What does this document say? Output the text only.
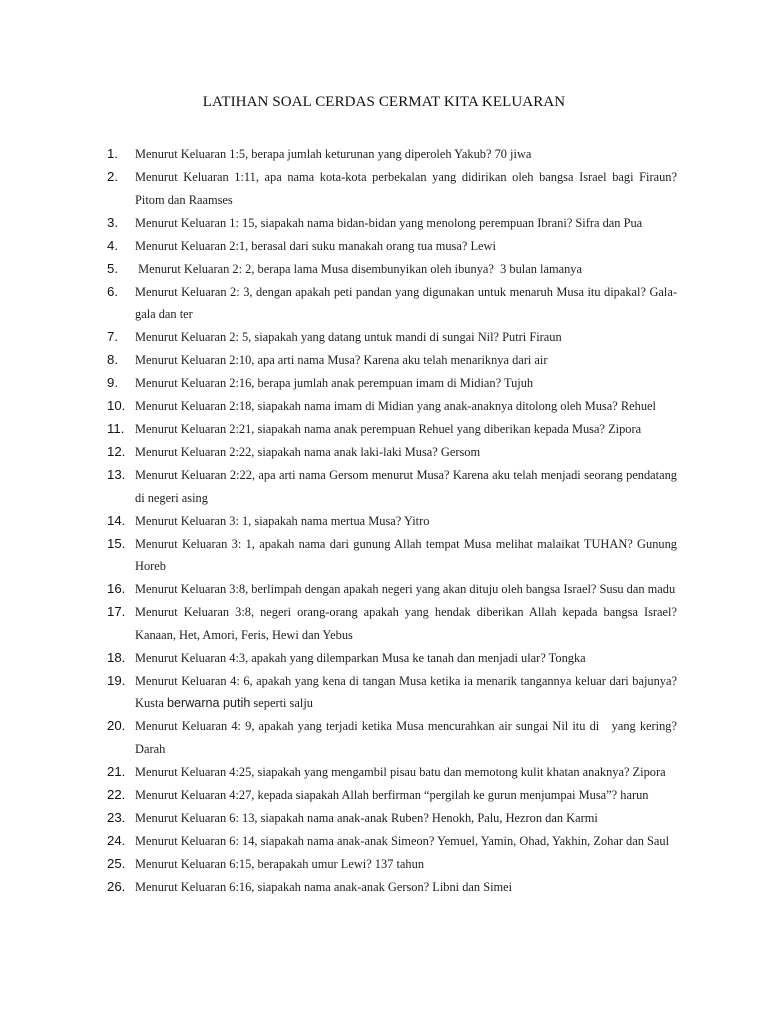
LATIHAN SOAL CERDAS CERMAT KITA KELUARAN
1.	Menurut Keluaran 1:5, berapa jumlah keturunan yang diperoleh Yakub? 70 jiwa
2.	Menurut Keluaran 1:11, apa nama kota-kota perbekalan yang didirikan oleh bangsa Israel bagi Firaun? Pitom dan Raamses
3.	Menurut Keluaran 1: 15, siapakah nama bidan-bidan yang menolong perempuan Ibrani? Sifra dan Pua
4.	Menurut Keluaran 2:1, berasal dari suku manakah orang tua musa? Lewi
5.	Menurut Keluaran 2: 2, berapa lama Musa disembunyikan oleh ibunya?  3 bulan lamanya
6.	Menurut Keluaran 2: 3, dengan apakah peti pandan yang digunakan untuk menaruh Musa itu dipakal? Gala-gala dan ter
7.	Menurut Keluaran 2: 5, siapakah yang datang untuk mandi di sungai Nil? Putri Firaun
8.	Menurut Keluaran 2:10, apa arti nama Musa? Karena aku telah menariknya dari air
9.	Menurut Keluaran 2:16, berapa jumlah anak perempuan imam di Midian? Tujuh
10. Menurut Keluaran 2:18, siapakah nama imam di Midian yang anak-anaknya ditolong oleh Musa? Rehuel
11. Menurut Keluaran 2:21, siapakah nama anak perempuan Rehuel yang diberikan kepada Musa? Zipora
12. Menurut Keluaran 2:22, siapakah nama anak laki-laki Musa? Gersom
13. Menurut Keluaran 2:22, apa arti nama Gersom menurut Musa? Karena aku telah menjadi seorang pendatang di negeri asing
14. Menurut Keluaran 3: 1, siapakah nama mertua Musa? Yitro
15. Menurut Keluaran 3: 1, apakah nama dari gunung Allah tempat Musa melihat malaikat TUHAN? Gunung Horeb
16. Menurut Keluaran 3:8, berlimpah dengan apakah negeri yang akan dituju oleh bangsa Israel? Susu dan madu
17. Menurut Keluaran 3:8, negeri orang-orang apakah yang hendak diberikan Allah kepada bangsa Israel? Kanaan, Het, Amori, Feris, Hewi dan Yebus
18. Menurut Keluaran 4:3, apakah yang dilemparkan Musa ke tanah dan menjadi ular? Tongka
19. Menurut Keluaran 4: 6, apakah yang kena di tangan Musa ketika ia menarik tangannya keluar dari bajunya? Kusta berwarna putih seperti salju
20. Menurut Keluaran 4: 9, apakah yang terjadi ketika Musa mencurahkan air sungai Nil itu di   yang kering? Darah
21. Menurut Keluaran 4:25, siapakah yang mengambil pisau batu dan memotong kulit khatan anaknya? Zipora
22. Menurut Keluaran 4:27, kepada siapakah Allah berfirman “pergilah ke gurun menjumpai Musa”? harun
23. Menurut Keluaran 6: 13, siapakah nama anak-anak Ruben? Henokh, Palu, Hezron dan Karmi
24. Menurut Keluaran 6: 14, siapakah nama anak-anak Simeon? Yemuel, Yamin, Ohad, Yakhin, Zohar dan Saul
25. Menurut Keluaran 6:15, berapakah umur Lewi? 137 tahun
26. Menurut Keluaran 6:16, siapakah nama anak-anak Gerson? Libni dan Simei
